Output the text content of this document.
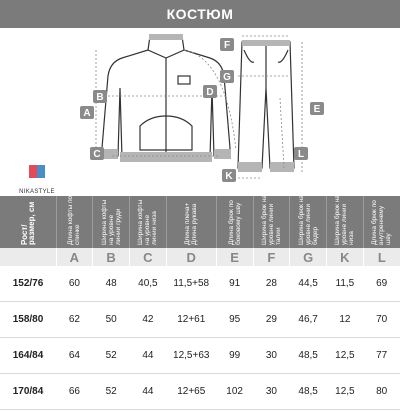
КОСТЮМ
A
B
C
D
F
G
E
L
K
NIKASTYLE
Рост/ размер, см	Длина кофты по спинке	Ширина кофты на уровне линии груди	Ширина кофты на уровне линии низа	Длина плеча+ Длина рукава	Длина брюк по боковому шву	Ширина брюк на уровне линии талии	Ширина брюк на уровне линии бедер	Ширина брюк на уровне линии низа	Длина брюк по внутреннему шву
	A	B	C	D	E	F	G	K	L
152/76	60	48	40,5	11,5+58	91	28	44,5	11,5	69
158/80	62	50	42	12+61	95	29	46,7	12	70
164/84	64	52	44	12,5+63	99	30	48,5	12,5	77
170/84	66	52	44	12+65	102	30	48,5	12,5	80
